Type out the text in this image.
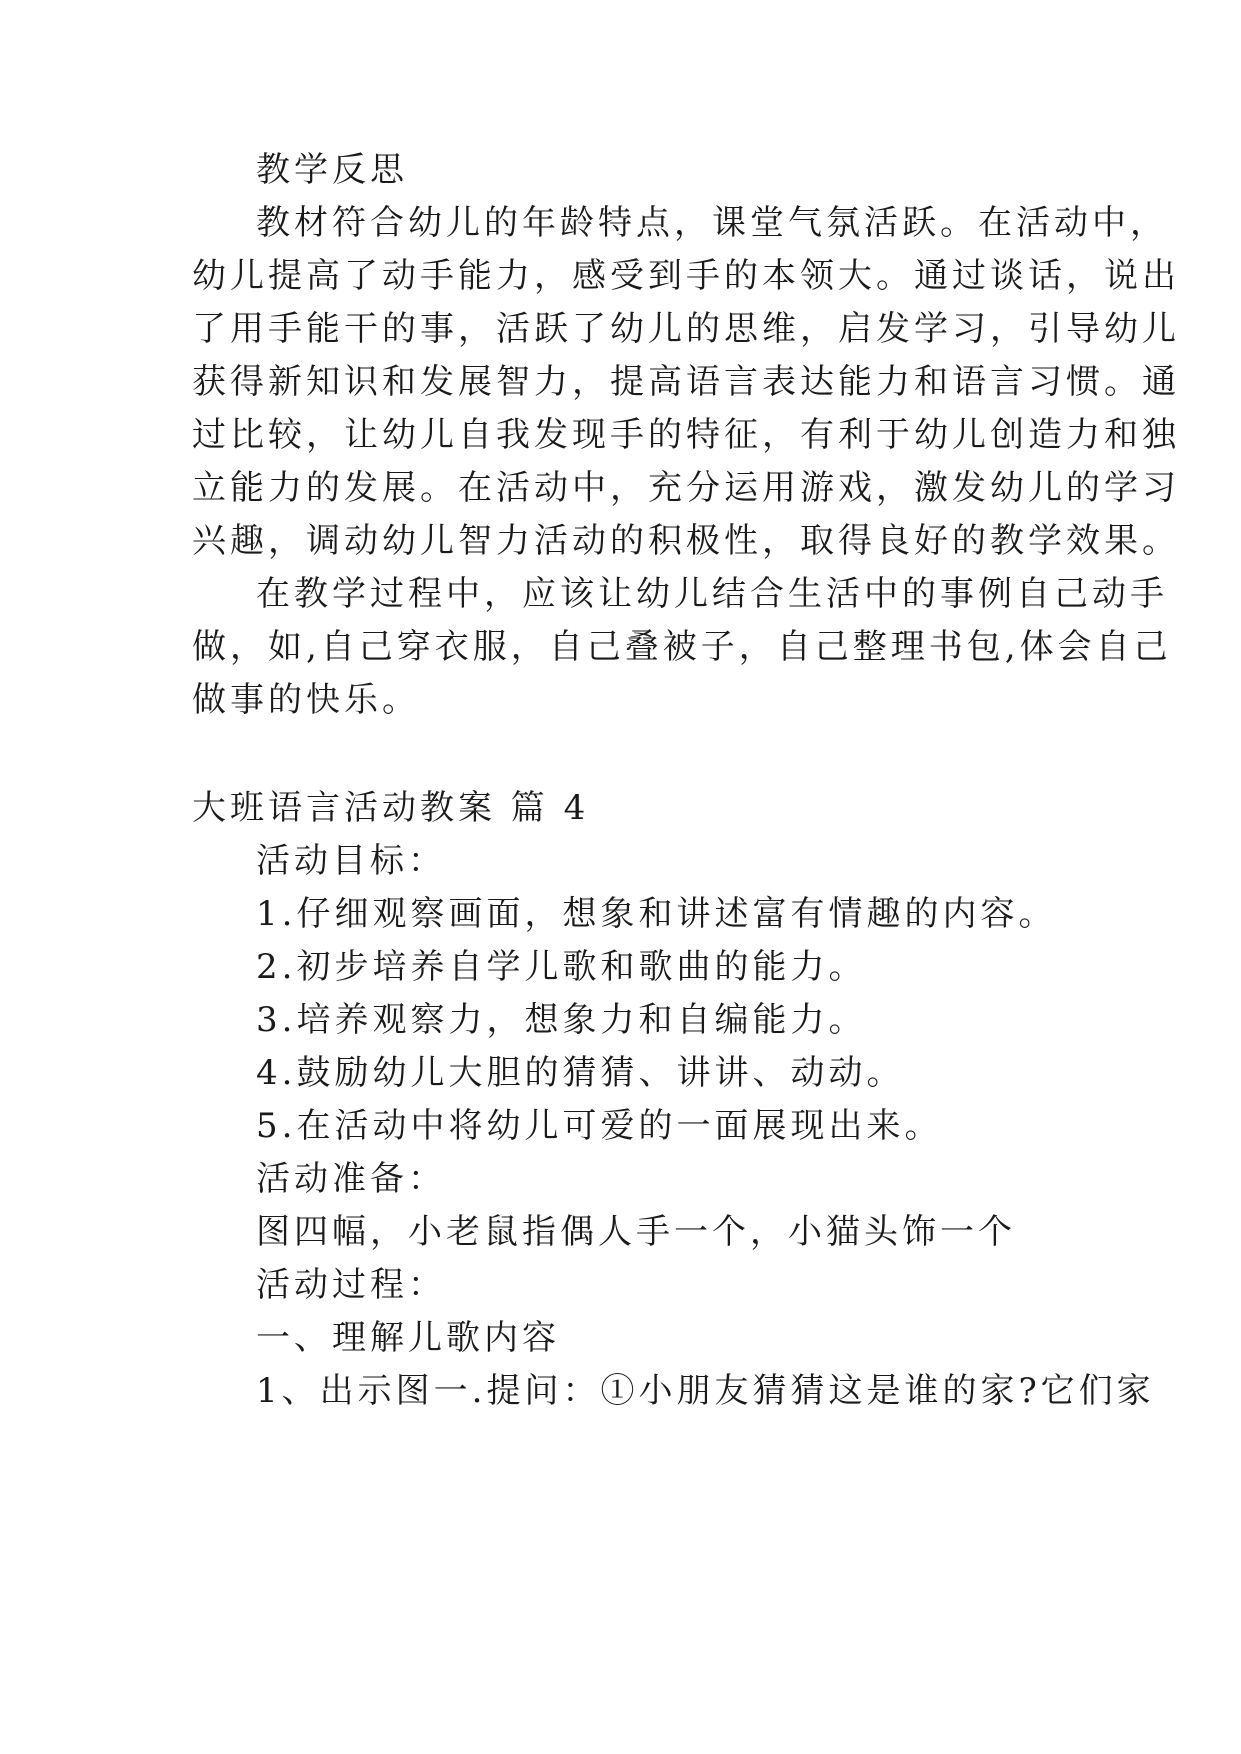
教学反思
教材符合幼儿的年龄特点，课堂气氛活跃。在活动中，
幼儿提高了动手能力，感受到手的本领大。通过谈话，说出
了用手能干的事，活跃了幼儿的思维，启发学习，引导幼儿
获得新知识和发展智力，提高语言表达能力和语言习惯。通
过比较，让幼儿自我发现手的特征，有利于幼儿创造力和独
立能力的发展。在活动中，充分运用游戏，激发幼儿的学习
兴趣，调动幼儿智力活动的积极性，取得良好的教学效果。
在教学过程中，应该让幼儿结合生活中的事例自己动手
做，如,自己穿衣服，自己叠被子，自己整理书包,体会自己
做事的快乐。
大班语言活动教案 篇 4
活动目标：
1.仔细观察画面，想象和讲述富有情趣的内容。
2.初步培养自学儿歌和歌曲的能力。
3.培养观察力，想象力和自编能力。
4.鼓励幼儿大胆的猜猜、讲讲、动动。
5.在活动中将幼儿可爱的一面展现出来。
活动准备：
图四幅，小老鼠指偶人手一个，小猫头饰一个
活动过程：
一、理解儿歌内容
1、出示图一.提问：①小朋友猜猜这是谁的家?它们家
